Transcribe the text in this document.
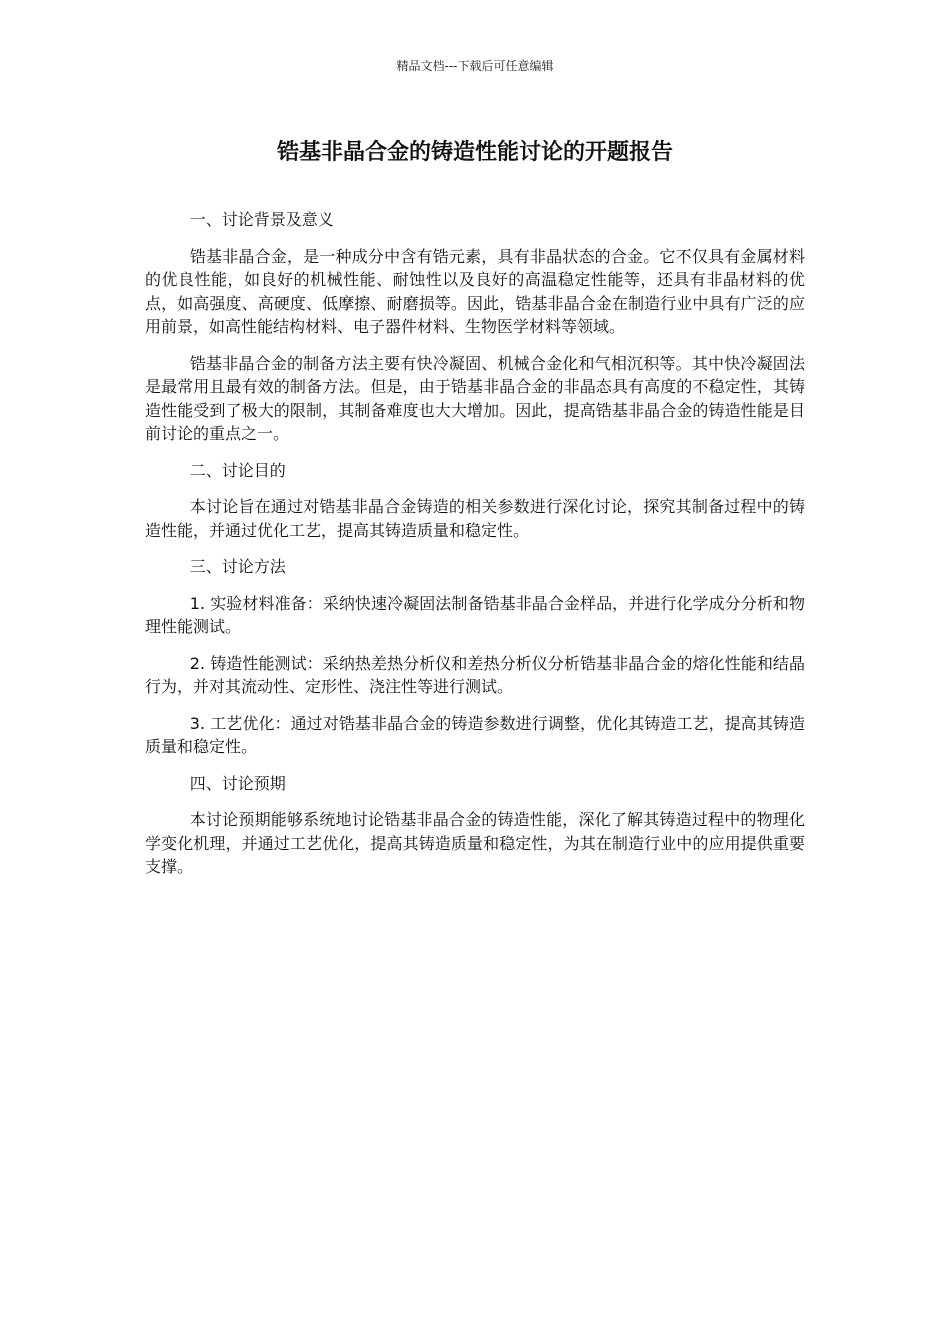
精品文档---下载后可任意编辑
锆基非晶合金的铸造性能讨论的开题报告

一、讨论背景及意义

锆基非晶合金，是一种成分中含有锆元素，具有非晶状态的合金。它不仅具有金属材料的优良性能，如良好的机械性能、耐蚀性以及良好的高温稳定性能等，还具有非晶材料的优点，如高强度、高硬度、低摩擦、耐磨损等。因此，锆基非晶合金在制造行业中具有广泛的应用前景，如高性能结构材料、电子器件材料、生物医学材料等领域。

锆基非晶合金的制备方法主要有快冷凝固、机械合金化和气相沉积等。其中快冷凝固法是最常用且最有效的制备方法。但是，由于锆基非晶合金的非晶态具有高度的不稳定性，其铸造性能受到了极大的限制，其制备难度也大大增加。因此，提高锆基非晶合金的铸造性能是目前讨论的重点之一。

二、讨论目的

本讨论旨在通过对锆基非晶合金铸造的相关参数进行深化讨论，探究其制备过程中的铸造性能，并通过优化工艺，提高其铸造质量和稳定性。

三、讨论方法

1. 实验材料准备：采纳快速冷凝固法制备锆基非晶合金样品，并进行化学成分分析和物理性能测试。

2. 铸造性能测试：采纳热差热分析仪和差热分析仪分析锆基非晶合金的熔化性能和结晶行为，并对其流动性、定形性、浇注性等进行测试。

3. 工艺优化：通过对锆基非晶合金的铸造参数进行调整，优化其铸造工艺，提高其铸造质量和稳定性。

四、讨论预期

本讨论预期能够系统地讨论锆基非晶合金的铸造性能，深化了解其铸造过程中的物理化学变化机理，并通过工艺优化，提高其铸造质量和稳定性，为其在制造行业中的应用提供重要支撑。
